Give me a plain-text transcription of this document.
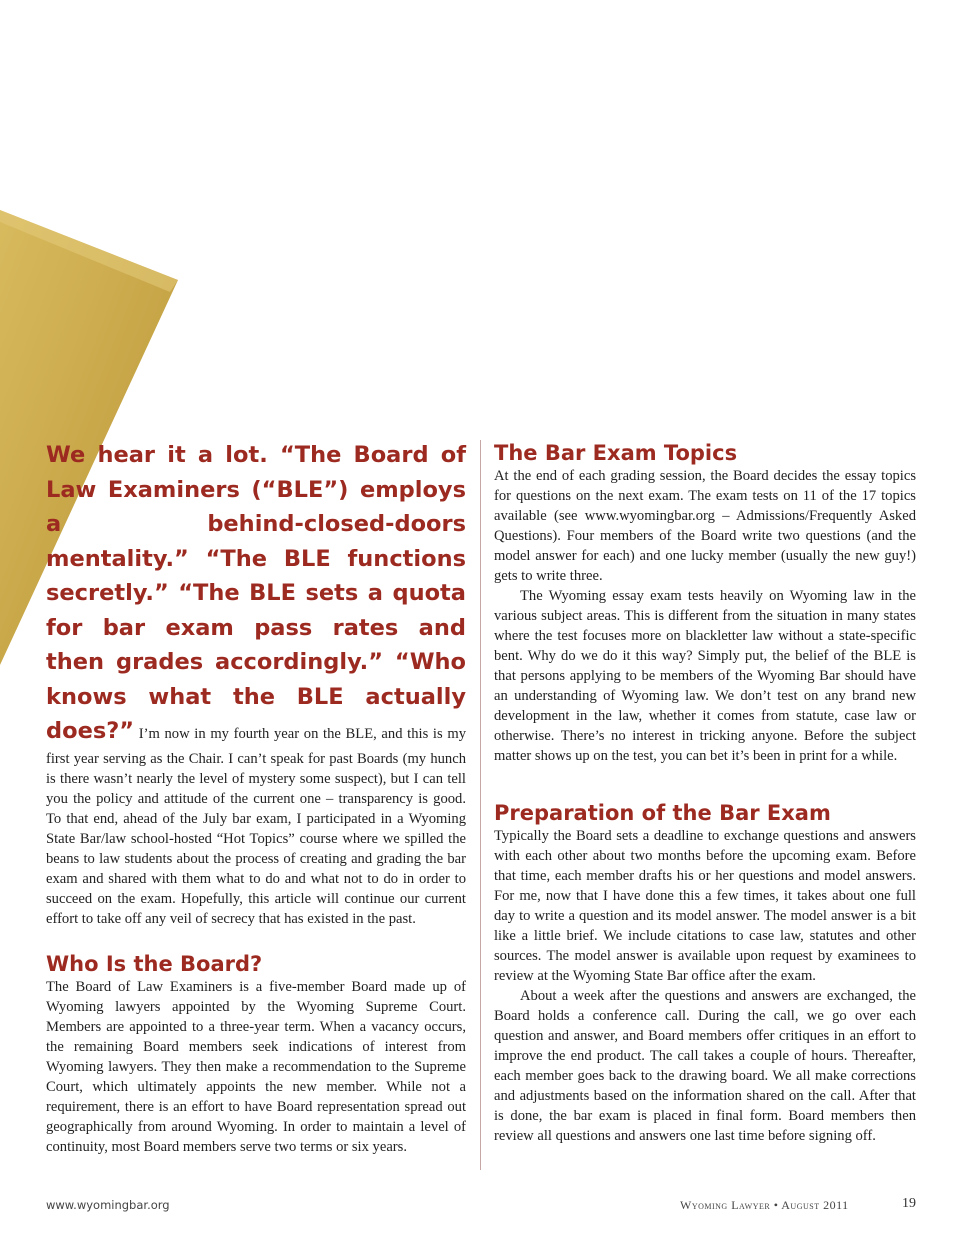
We hear it a lot. “The Board of Law Examiners (“BLE”) employs a behind-closed-doors mentality.” “The BLE functions secretly.” “The BLE sets a quota for bar exam pass rates and then grades accordingly.” “Who knows what the BLE actually does?” I’m now in my fourth year on the BLE, and this is my first year serving as the Chair. I can’t speak for past Boards (my hunch is there wasn’t nearly the level of mystery some suspect), but I can tell you the policy and attitude of the current one – transparency is good. To that end, ahead of the July bar exam, I participated in a Wyoming State Bar/law school-hosted “Hot Topics” course where we spilled the beans to law students about the process of creating and grading the bar exam and shared with them what to do and what not to do in order to succeed on the exam. Hopefully, this article will continue our current effort to take off any veil of secrecy that has existed in the past.
Who Is the Board?

The Board of Law Examiners is a five-member Board made up of Wyoming lawyers appointed by the Wyoming Supreme Court. Members are appointed to a three-year term. When a vacancy occurs, the remaining Board members seek indications of interest from Wyoming lawyers. They then make a recommendation to the Supreme Court, which ultimately appoints the new member. While not a requirement, there is an effort to have Board representation spread out geographically from around Wyoming. In order to maintain a level of continuity, most Board members serve two terms or six years.

The Bar Exam Topics

At the end of each grading session, the Board decides the essay topics for questions on the next exam. The exam tests on 11 of the 17 topics available (see www.wyomingbar.org – Admissions/Frequently Asked Questions). Four members of the Board write two questions (and the model answer for each) and one lucky member (usually the new guy!) gets to write three.

The Wyoming essay exam tests heavily on Wyoming law in the various subject areas. This is different from the situation in many states where the test focuses more on blackletter law without a state-specific bent. Why do we do it this way? Simply put, the belief of the BLE is that persons applying to be members of the Wyoming Bar should have an understanding of Wyoming law. We don’t test on any brand new development in the law, whether it comes from statute, case law or otherwise. There’s no interest in tricking anyone. Before the subject matter shows up on the test, you can bet it’s been in print for a while.

Preparation of the Bar Exam

Typically the Board sets a deadline to exchange questions and answers with each other about two months before the upcoming exam. Before that time, each member drafts his or her questions and model answers. For me, now that I have done this a few times, it takes about one full day to write a question and its model answer. The model answer is a bit like a little brief. We include citations to case law, statutes and other sources. The model answer is available upon request by examinees to review at the Wyoming State Bar office after the exam.

About a week after the questions and answers are exchanged, the Board holds a conference call. During the call, we go over each question and answer, and Board members offer critiques in an effort to improve the end product. The call takes a couple of hours. Thereafter, each member goes back to the drawing board. We all make corrections and adjustments based on the information shared on the call. After that is done, the bar exam is placed in final form. Board members then review all questions and answers one last time before signing off.

www.wyomingbar.org	Wyoming Lawyer • August 2011	19
